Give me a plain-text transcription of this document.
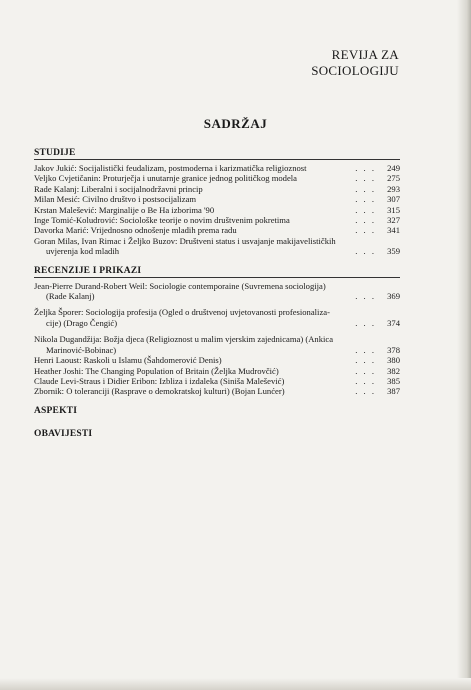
REVIJA ZA
SOCIOLOGIJU
SADRŽAJ
STUDIJE
Jakov Jukić: Socijalistički feudalizam, postmoderna i karizmatička religioznost	. . .	249
Veljko Cvjetičanin: Proturječja i unutarnje granice jednog političkog modela	. . .	275
Rade Kalanj: Liberalni i socijalnodržavni princip	. . .	293
Milan Mesić: Civilno društvo i postsocijalizam	. . .	307
Krstan Malešević: Marginalije o Be Ha izborima '90	. . .	315
Inge Tomić-Koludrović: Sociološke teorije o novim društvenim pokretima	. . .	327
Davorka Marić: Vrijednosno odnošenje mladih prema radu	. . .	341
Goran Milas, Ivan Rimac i Željko Buzov: Društveni status i usvajanje makijavelističkih
uvjerenja kod mladih	. . .	359
RECENZIJE I PRIKAZI
Jean-Pierre Durand-Robert Weil: Sociologie contemporaine (Suvremena sociologija)
(Rade Kalanj)	. . .	369
Željka Šporer: Sociologija profesija (Ogled o društvenoj uvjetovanosti profesionaliza-
cije) (Drago Čengić)	. . .	374
Nikola Dugandžija: Božja djeca (Religioznost u malim vjerskim zajednicama) (Ankica
Marinović-Bobinac)	. . .	378
Henri Laoust: Raskoli u Islamu (Šahdomerović Denis)	. . .	380
Heather Joshi: The Changing Population of Britain (Željka Mudrovčić)	. . .	382
Claude Levi-Straus i Didier Eribon: Izbliza i izdaleka (Siniša Malešević)	. . .	385
Zbornik: O toleranciji (Rasprave o demokratskoj kulturi) (Bojan Lunćer)	. . .	387
ASPEKTI
OBAVIJESTI
